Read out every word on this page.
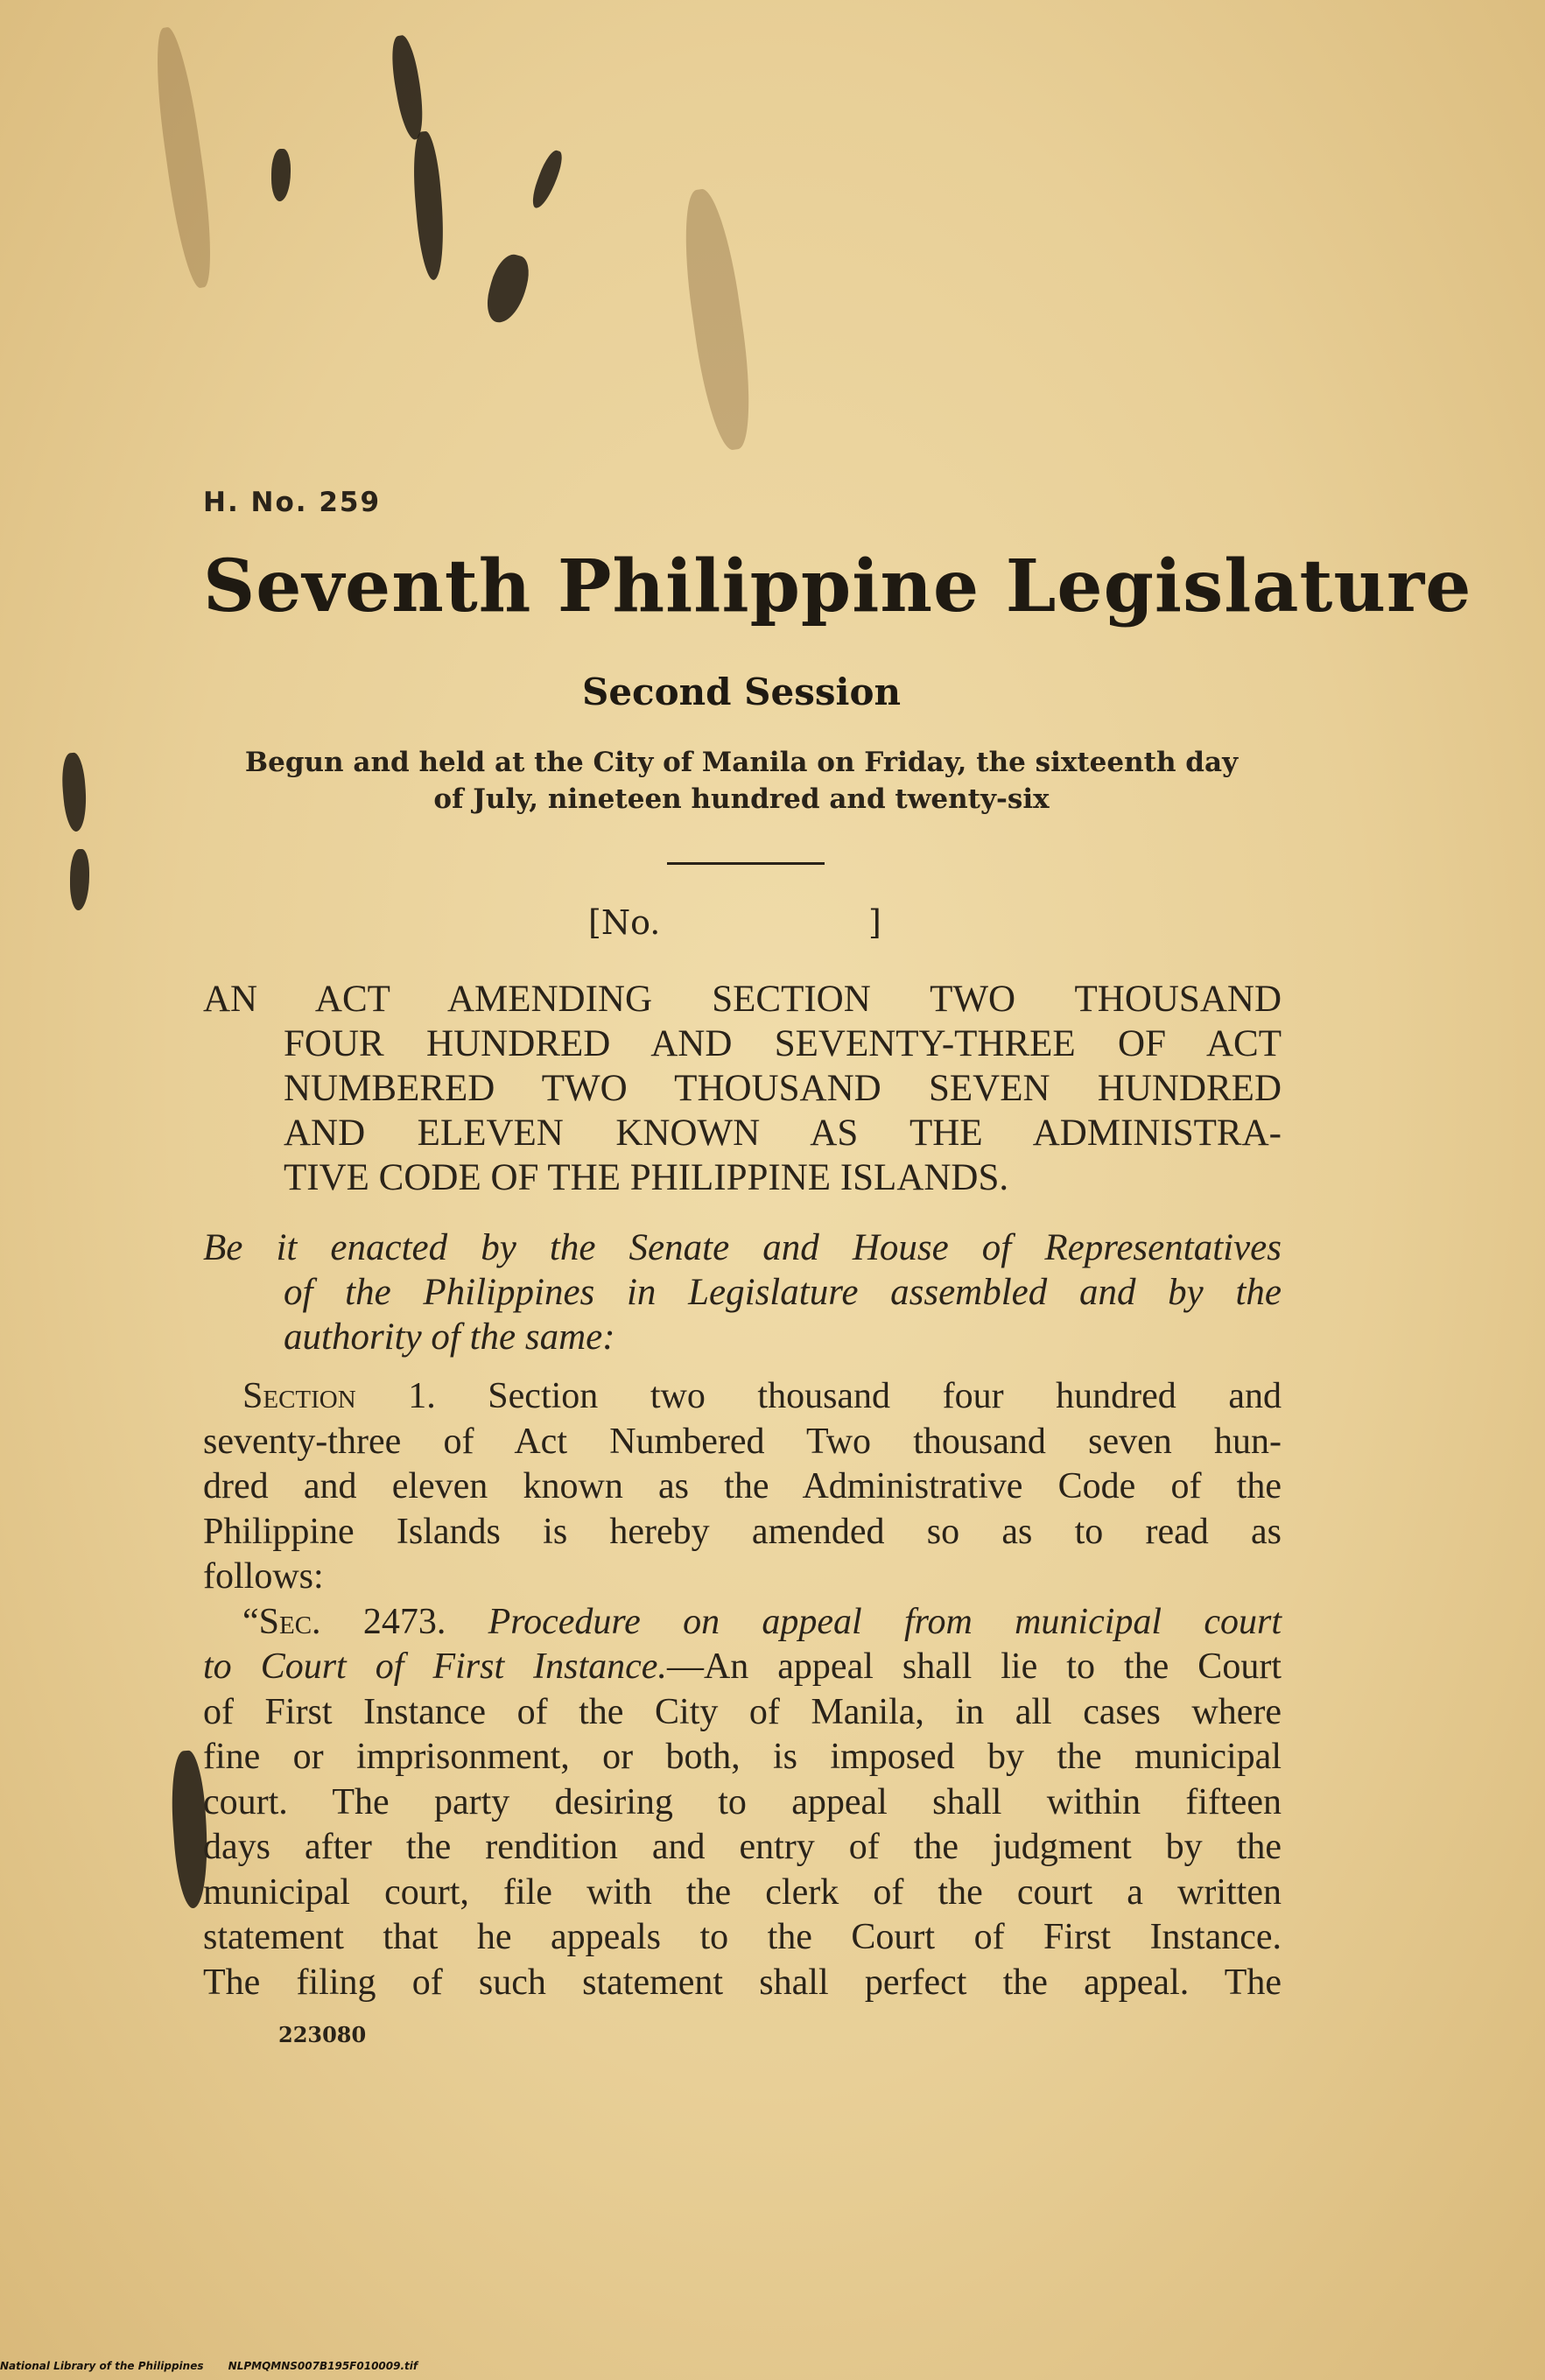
H. No. 259
Seventh Philippine Legislature
Second Session
Begun and held at the City of Manila on Friday, the sixteenth day
of July, nineteen hundred and twenty-six
[No.	]
AN ACT AMENDING SECTION TWO THOUSAND
FOUR HUNDRED AND SEVENTY-THREE OF ACT
NUMBERED TWO THOUSAND SEVEN HUNDRED
AND ELEVEN KNOWN AS THE ADMINISTRA-
TIVE CODE OF THE PHILIPPINE ISLANDS.
Be it enacted by the Senate and House of Representatives
of the Philippines in Legislature assembled and by the
authority of the same:
Section 1. Section two thousand four hundred and
seventy-three of Act Numbered Two thousand seven hun-
dred and eleven known as the Administrative Code of the
Philippine Islands is hereby amended so as to read as
follows:
“Sec. 2473. Procedure on appeal from municipal court
to Court of First Instance.—An appeal shall lie to the Court
of First Instance of the City of Manila, in all cases where
fine or imprisonment, or both, is imposed by the municipal
court. The party desiring to appeal shall within fifteen
days after the rendition and entry of the judgment by the
municipal court, file with the clerk of the court a written
statement that he appeals to the Court of First Instance.
The filing of such statement shall perfect the appeal. The
223080
National Library of the Philippines NLPMQMNS007B195F010009.tif
